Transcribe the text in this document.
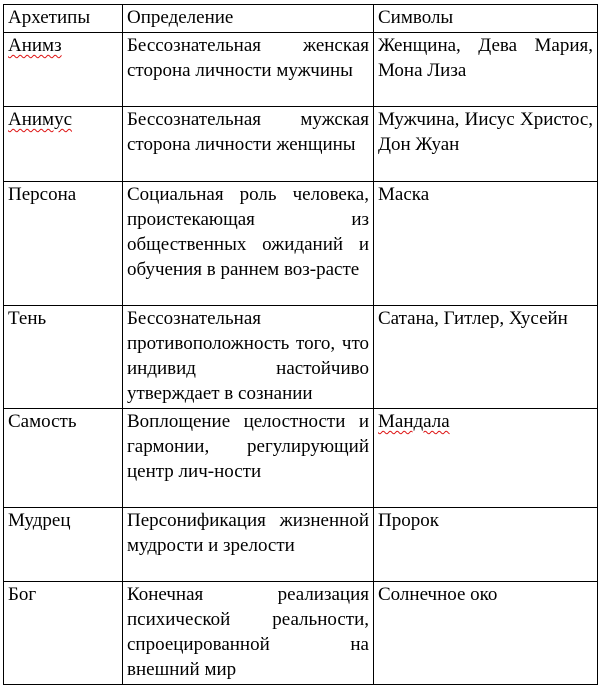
Архетипы	Определение	Символы
Анимз	Бессознательная женская сторона личности мужчины	Женщина, Дева Мария, Мона Лиза
Анимус	Бессознательная мужская сторона личности женщины	Мужчина, Иисус Христос, Дон Жуан
Персона	Социальная роль человека, проистекающая из общественных ожиданий и обучения в раннем воз-расте	Маска
Тень	Бессознательная противоположность того, что индивид настойчиво утверждает в сознании	Сатана, Гитлер, Хусейн
Самость	Воплощение целостности и гармонии, регулирующий центр лич-ности	Мандала
Мудрец	Персонификация жизненной мудрости и зрелости	Пророк
Бог	Конечная реализация психической реальности, спроецированной на внешний мир	Солнечное око
